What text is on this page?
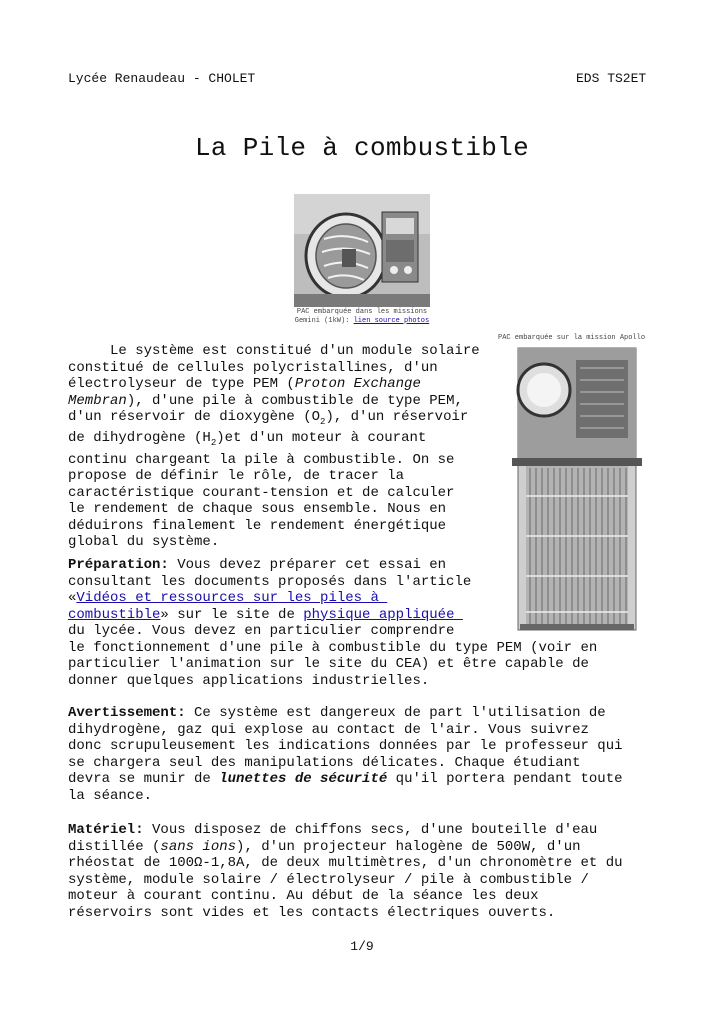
Lycée Renaudeau - CHOLET	EDS TS2ET
La Pile à combustible
PAC embarquée dans les missions
Gemini (1kW): lien source photos
PAC embarquée sur la mission Apollo
Le système est constitué d'un module solaire
constitué de cellules polycristallines, d'un
électrolyseur de type PEM (Proton Exchange
Membran), d'une pile à combustible de type PEM,
d'un réservoir de dioxygène $(O_2)$, d'un réservoir
de dihydrogène $(H_2)et$ d'un moteur à courant
continu chargeant la pile à combustible. On se
propose de définir le rôle, de tracer la
caractéristique courant-tension et de calculer
le rendement de chaque sous ensemble. Nous en
déduirons finalement le rendement énergétique
global du système.
Préparation: Vous devez préparer cet essai en
consultant les documents proposés dans l'article
«Vidéos et ressources sur les piles à
combustible» sur le site de physique appliquée
du lycée. Vous devez en particulier comprendre
le fonctionnement d'une pile à combustible du type PEM (voir en
particulier l'animation sur le site du CEA) et être capable de
donner quelques applications industrielles.
Avertissement: Ce système est dangereux de part l'utilisation de
dihydrogène, gaz qui explose au contact de l'air. Vous suivrez
donc scrupuleusement les indications données par le professeur qui
se chargera seul des manipulations délicates. Chaque étudiant
devra se munir de lunettes de sécurité qu'il portera pendant toute
la séance.
Matériel: Vous disposez de chiffons secs, d'une bouteille d'eau
distillée (sans ions), d'un projecteur halogène de 500W, d'un
rhéostat de 100Ω-1,8A, de deux multimètres, d'un chronomètre et du
système, module solaire / électrolyseur / pile à combustible /
moteur à courant continu. Au début de la séance les deux
réservoirs sont vides et les contacts électriques ouverts.
1/9
